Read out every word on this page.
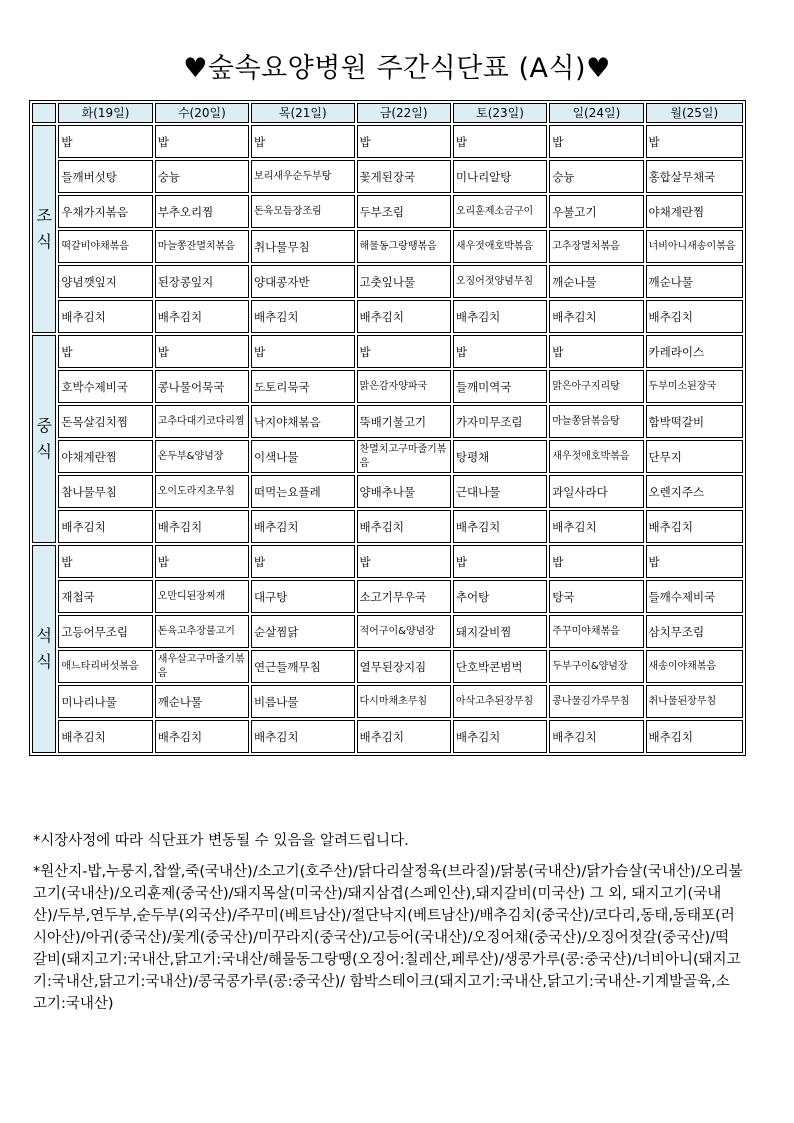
♥숲속요양병원 주간식단표 (A식)♥
	화(19일)	수(20일)	목(21일)	금(22일)	토(23일)	일(24일)	월(25일)
조
식	밥	밥	밥	밥	밥	밥	밥
	들깨버섯탕	숭늉	보리새우순두부탕	꽃게된장국	미나리알탕	숭늉	홍합살무채국
	우채가지볶음	부추오리찜	돈육모듬장조림	두부조림	오리훈제소금구이	우불고기	야채계란찜
	떡갈비야채볶음	마늘쫑잔멸치볶음	취나물무침	해물동그랑땡볶음	새우젓애호박볶음	고추장멸치볶음	너비아니새송이볶음
	양념깻잎지	된장콩잎지	양대콩자반	고춧잎나물	오징어젓양념무침	깨순나물	깨순나물
	배추김치	배추김치	배추김치	배추김치	배추김치	배추김치	배추김치
중
식	밥	밥	밥	밥	밥	밥	카레라이스
	호박수제비국	콩나물어묵국	도토리묵국	맑은감자양파국	들깨미역국	맑은아구지리탕	두부미소된장국
	돈목살김치찜	고추다대기코다리찜	낙지야채볶음	뚝배기불고기	가자미무조림	마늘쫑닭볶음탕	함박떡갈비
	야채계란찜	온두부&양념장	이색나물	찬멸치고구마줄기볶음	탕평채	새우젓애호박볶음	단무지
	참나물무침	오이도라지초무침	떠먹는요플레	양배추나물	근대나물	과일사라다	오렌지주스
	배추김치	배추김치	배추김치	배추김치	배추김치	배추김치	배추김치
석
식	밥	밥	밥	밥	밥	밥	밥
	재첩국	오만디된장찌개	대구탕	소고기무우국	추어탕	탕국	들깨수제비국
	고등어무조림	돈육고추장불고기	순살찜닭	적어구이&양념장	돼지갈비찜	주꾸미야채볶음	삼치무조림
	애느타리버섯볶음	새우살고구마줄기볶음	연근들깨무침	열무된장지짐	단호박콘범벅	두부구이&양념장	새송이야채볶음
	미나리나물	깨순나물	비름나물	다시마채초무침	아삭고추된장무침	콩나물김가루무침	취나물된장무침
	배추김치	배추김치	배추김치	배추김치	배추김치	배추김치	배추김치

*시장사정에 따라 식단표가 변동될 수 있음을 알려드립니다.

*원산지-밥,누룽지,찹쌀,죽(국내산)/소고기(호주산)/닭다리살정육(브라질)/닭봉(국내산)/닭가슴살(국내산)/오리불고기(국내산)/오리훈제(중국산)/돼지목살(미국산)/돼지삼겹(스페인산),돼지갈비(미국산) 그 외, 돼지고기(국내산)/두부,연두부,순두부(외국산)/주꾸미(베트남산)/절단낙지(베트남산)/배추김치(중국산)/코다리,동태,동태포(러시아산)/아귀(중국산)/꽃게(중국산)/미꾸라지(중국산)/고등어(국내산)/오징어채(중국산)/오징어젓갈(중국산)/떡갈비(돼지고기:국내산,닭고기:국내산/해물동그랑땡(오징어:칠레산,페루산)/생콩가루(콩:중국산)/너비아니(돼지고기:국내산,닭고기:국내산)/콩국콩가루(콩:중국산)/ 함박스테이크(돼지고기:국내산,닭고기:국내산-기계발골육,소고기:국내산)
